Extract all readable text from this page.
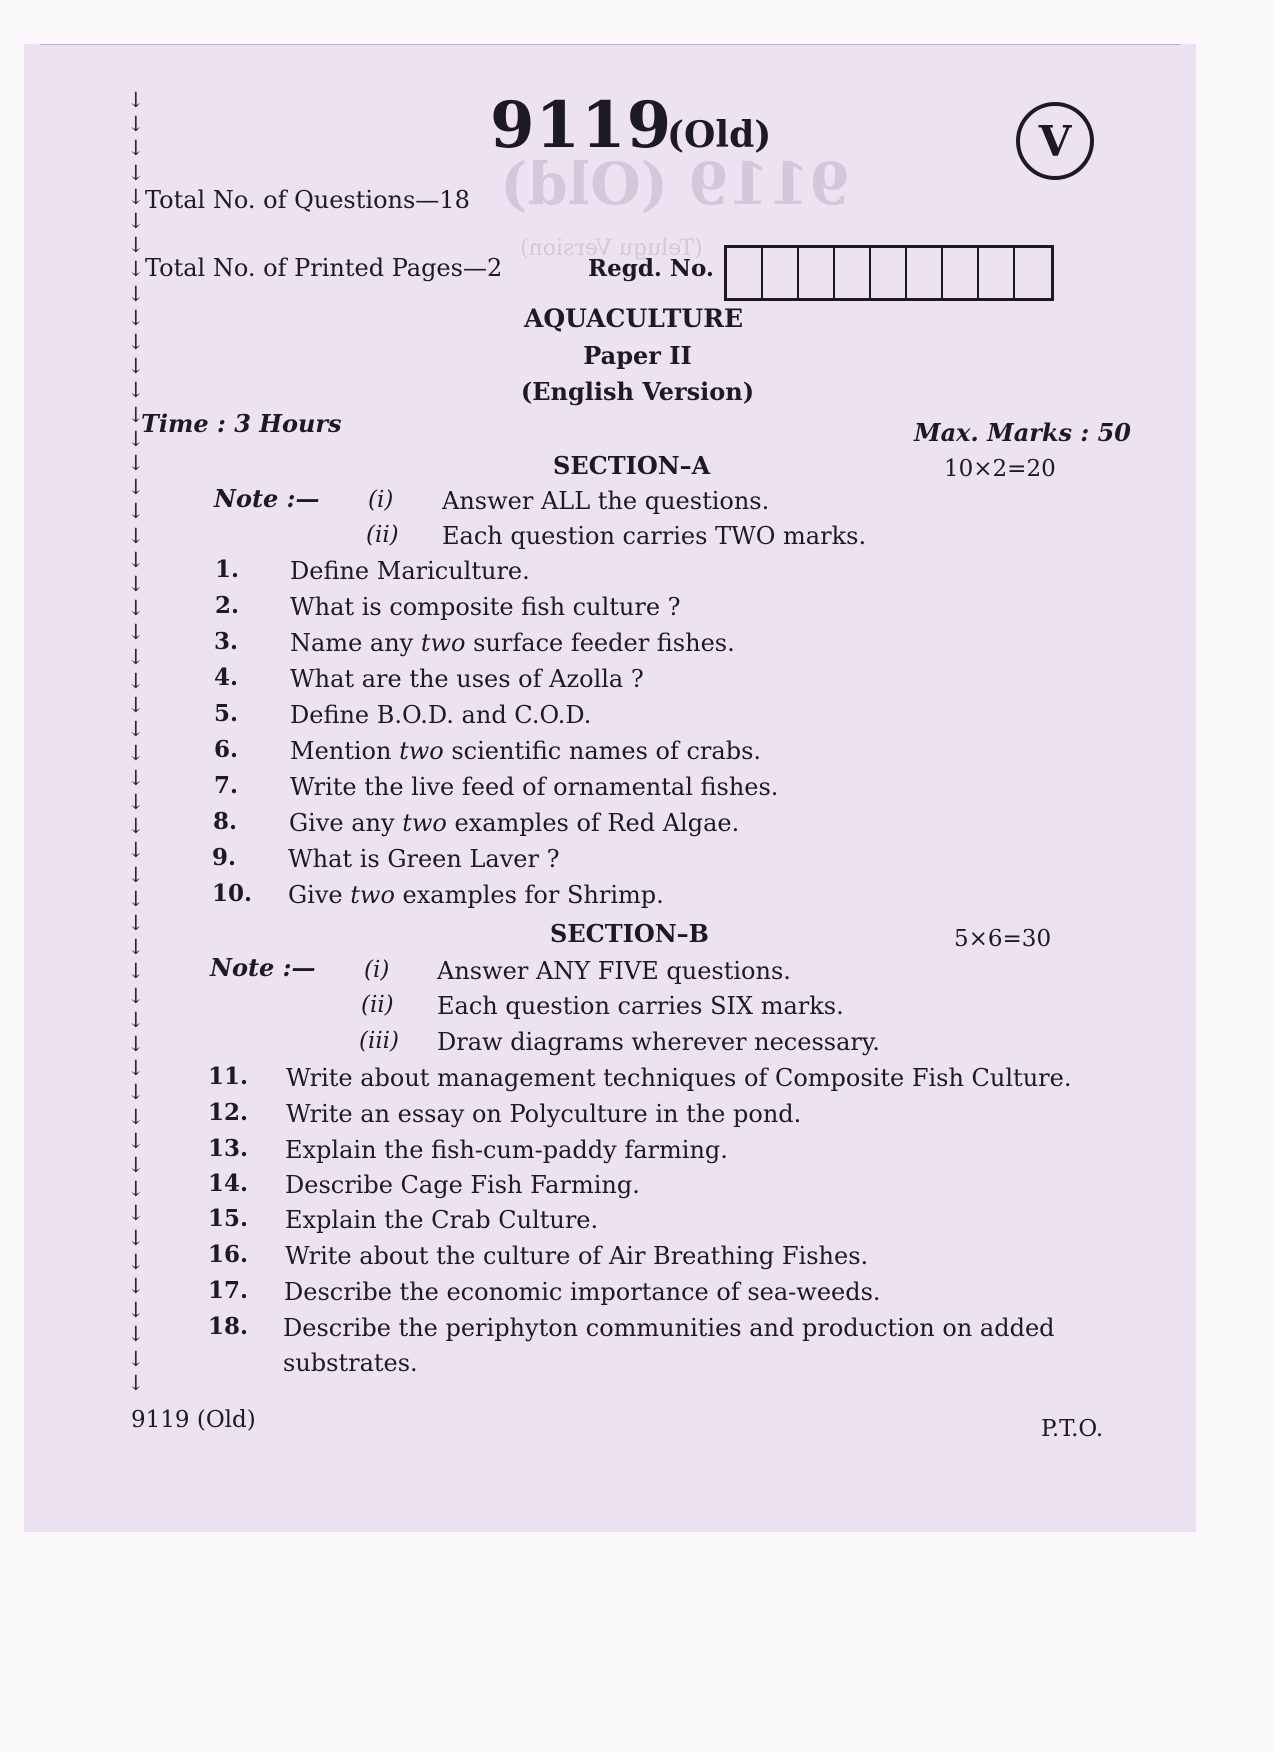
9119 (Old)
(Telugu Version)
↓
↓
↓
↓
↓
↓
↓
↓
↓
↓
↓
↓
↓
↓
↓
↓
↓
↓
↓
↓
↓
↓
↓
↓
↓
↓
↓
↓
↓
↓
↓
↓
↓
↓
↓
↓
↓
↓
↓
↓
↓
↓
↓
↓
↓
↓
↓
↓
↓
↓
↓
↓
↓
↓
9119
(Old)	V
Total No. of Questions—18
Total No. of Printed Pages—2	Regd. No.
AQUACULTURE
Paper II
(English Version)
Time : 3 Hours	Max. Marks : 50
SECTION–A	10×2=20
Note :— (i) Answer ALL the questions.
(ii) Each question carries TWO marks.
1. Define Mariculture.
2. What is composite fish culture ?
3. Name any two surface feeder fishes.
4. What are the uses of Azolla ?
5. Define B.O.D. and C.O.D.
6. Mention two scientific names of crabs.
7. Write the live feed of ornamental fishes.
8. Give any two examples of Red Algae.
9. What is Green Laver ?
10. Give two examples for Shrimp.
SECTION–B	5×6=30
Note :— (i) Answer ANY FIVE questions.
(ii) Each question carries SIX marks.
(iii) Draw diagrams wherever necessary.
11. Write about management techniques of Composite Fish Culture.
12. Write an essay on Polyculture in the pond.
13. Explain the fish-cum-paddy farming.
14. Describe Cage Fish Farming.
15. Explain the Crab Culture.
16. Write about the culture of Air Breathing Fishes.
17. Describe the economic importance of sea-weeds.
18. Describe the periphyton communities and production on added
substrates.
9119 (Old)	P.T.O.
